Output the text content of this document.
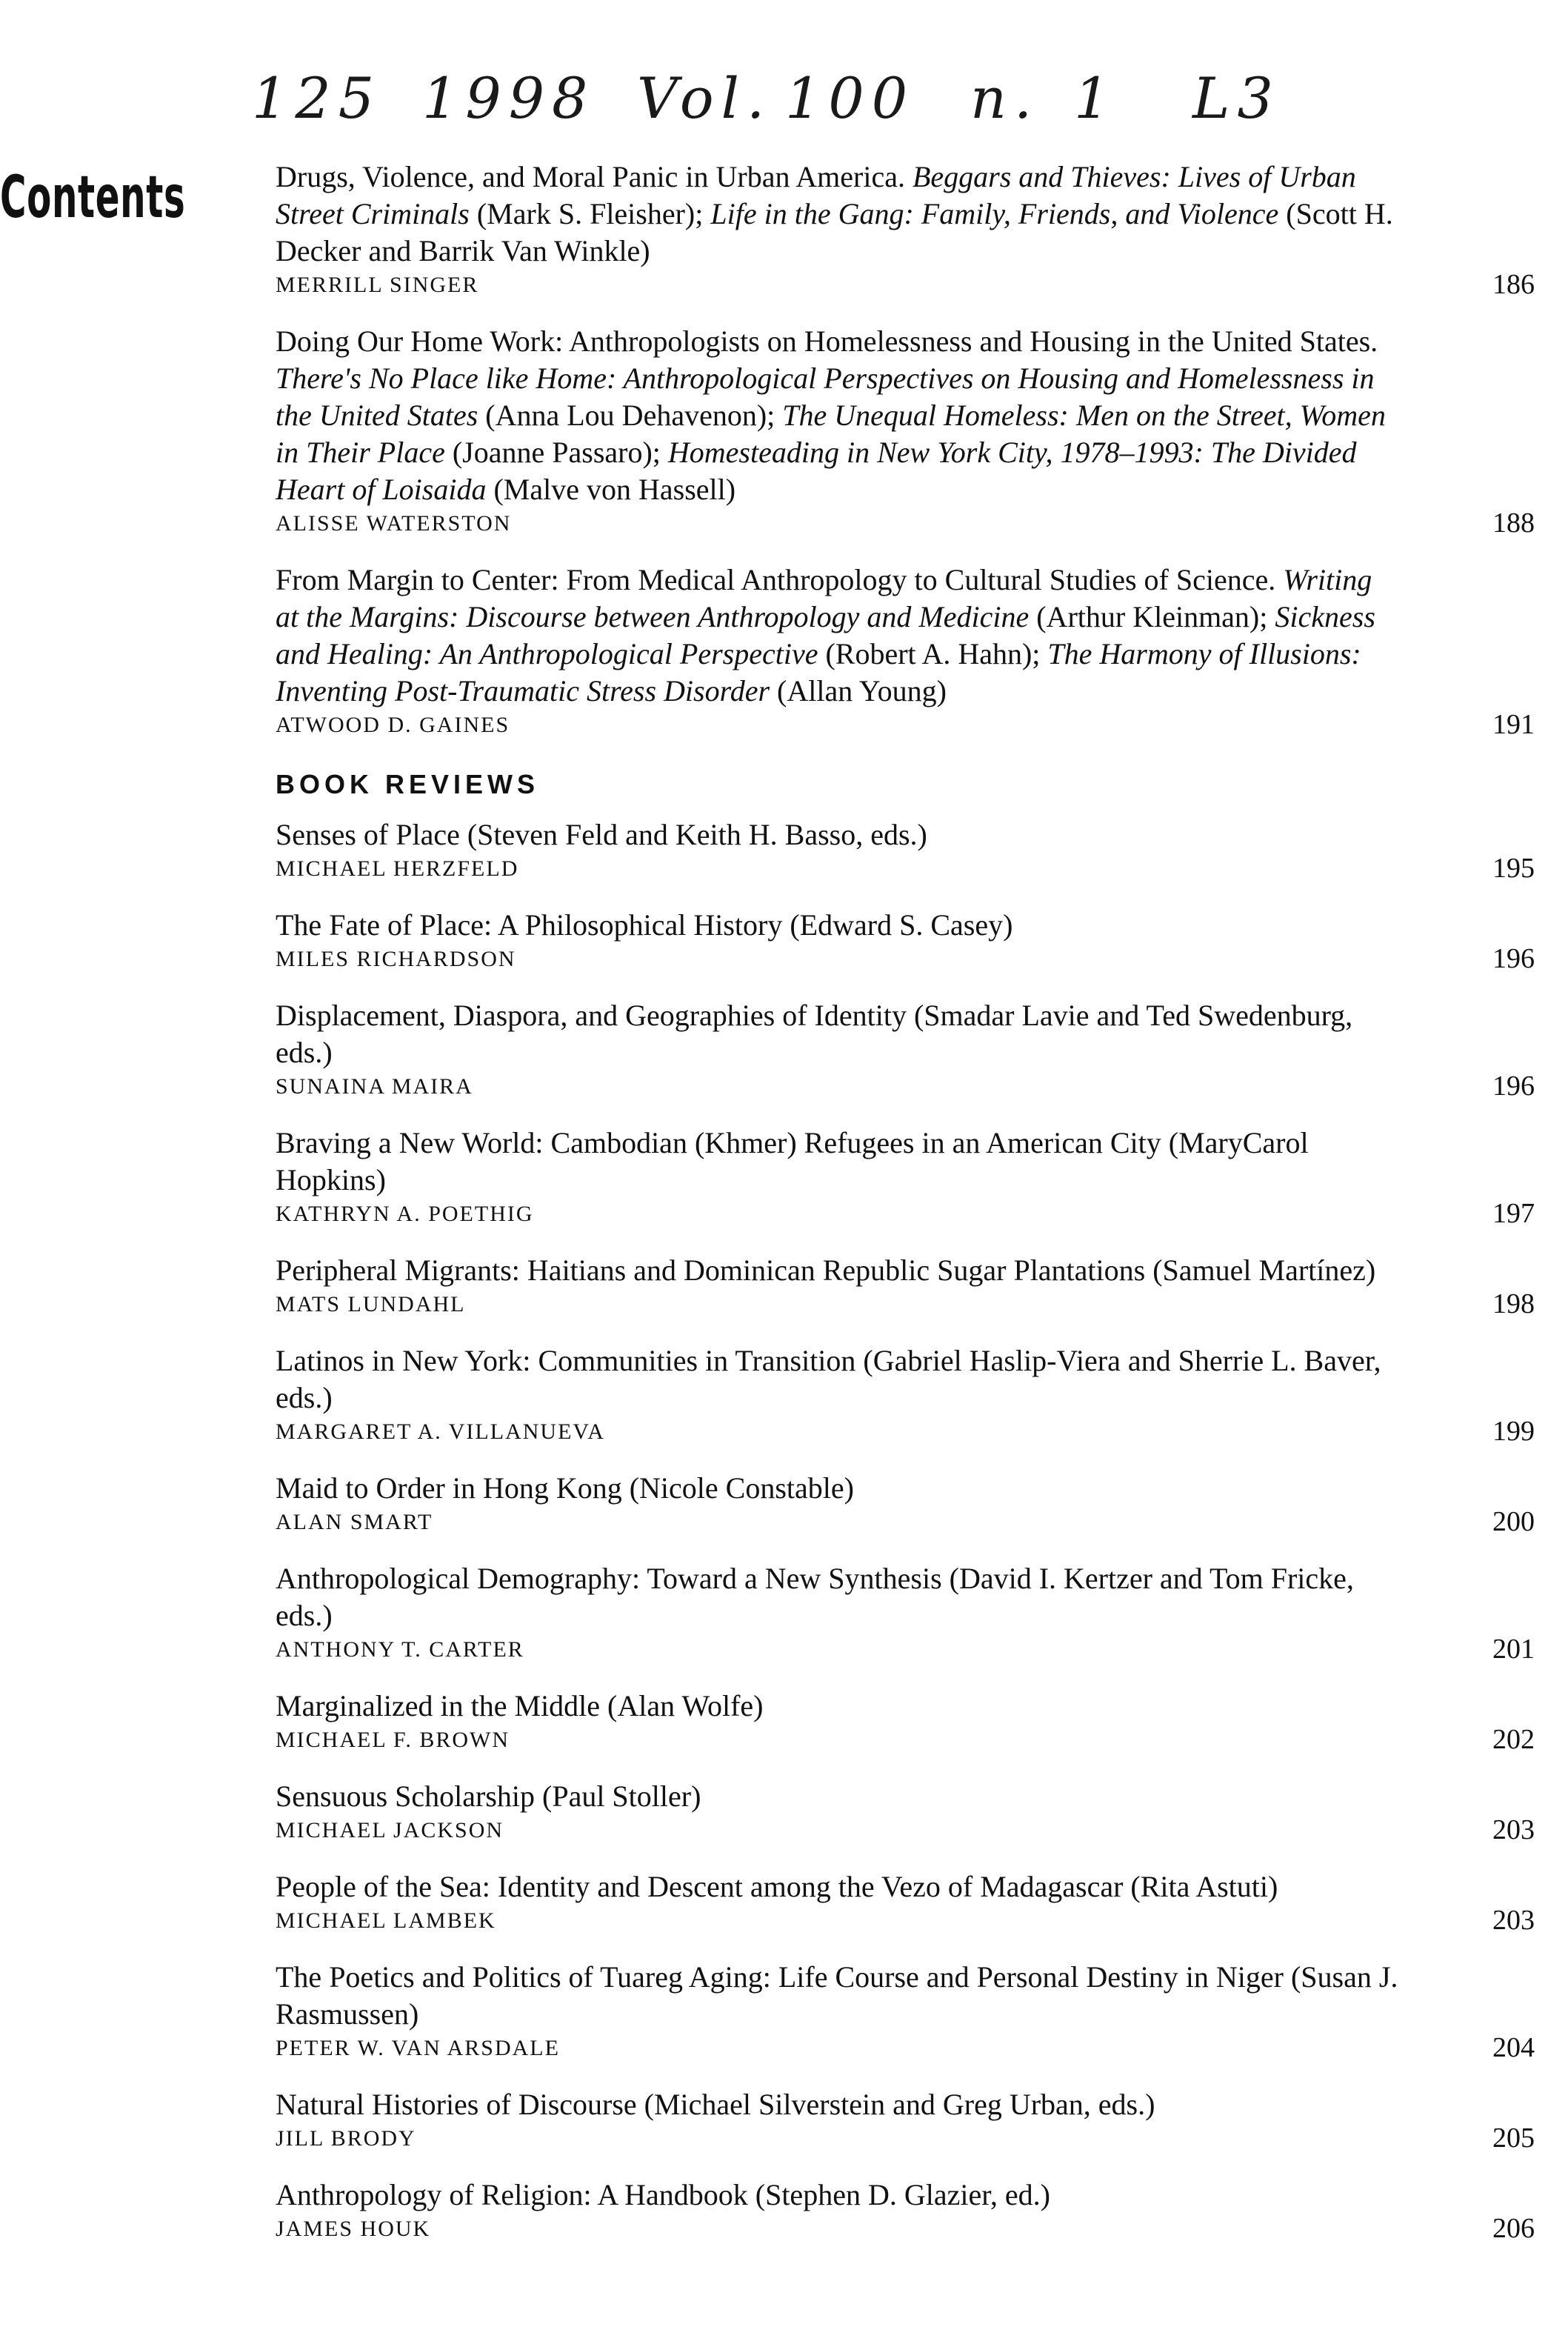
125 1998 Vol. 100 n. 1 L3
Contents	Drugs, Violence, and Moral Panic in Urban America. Beggars and Thieves: Lives of Urban Street Criminals (Mark S. Fleisher); Life in the Gang: Family, Friends, and Violence (Scott H. Decker and Barrik Van Winkle)
MERRILL SINGER	186
Doing Our Home Work: Anthropologists on Homelessness and Housing in the United States. There's No Place like Home: Anthropological Perspectives on Housing and Homelessness in the United States (Anna Lou Dehavenon); The Unequal Homeless: Men on the Street, Women in Their Place (Joanne Passaro); Homesteading in New York City, 1978–1993: The Divided Heart of Loisaida (Malve von Hassell)
ALISSE WATERSTON	188
From Margin to Center: From Medical Anthropology to Cultural Studies of Science. Writing at the Margins: Discourse between Anthropology and Medicine (Arthur Kleinman); Sickness and Healing: An Anthropological Perspective (Robert A. Hahn); The Harmony of Illusions: Inventing Post-Traumatic Stress Disorder (Allan Young)
ATWOOD D. GAINES	191
BOOK REVIEWS
Senses of Place (Steven Feld and Keith H. Basso, eds.)
MICHAEL HERZFELD	195
The Fate of Place: A Philosophical History (Edward S. Casey)
MILES RICHARDSON	196
Displacement, Diaspora, and Geographies of Identity (Smadar Lavie and Ted Swedenburg, eds.)
SUNAINA MAIRA	196
Braving a New World: Cambodian (Khmer) Refugees in an American City (MaryCarol Hopkins)
KATHRYN A. POETHIG	197
Peripheral Migrants: Haitians and Dominican Republic Sugar Plantations (Samuel Martínez)
MATS LUNDAHL	198
Latinos in New York: Communities in Transition (Gabriel Haslip-Viera and Sherrie L. Baver, eds.)
MARGARET A. VILLANUEVA	199
Maid to Order in Hong Kong (Nicole Constable)
ALAN SMART	200
Anthropological Demography: Toward a New Synthesis (David I. Kertzer and Tom Fricke, eds.)
ANTHONY T. CARTER	201
Marginalized in the Middle (Alan Wolfe)
MICHAEL F. BROWN	202
Sensuous Scholarship (Paul Stoller)
MICHAEL JACKSON	203
People of the Sea: Identity and Descent among the Vezo of Madagascar (Rita Astuti)
MICHAEL LAMBEK	203
The Poetics and Politics of Tuareg Aging: Life Course and Personal Destiny in Niger (Susan J. Rasmussen)
PETER W. VAN ARSDALE	204
Natural Histories of Discourse (Michael Silverstein and Greg Urban, eds.)
JILL BRODY	205
Anthropology of Religion: A Handbook (Stephen D. Glazier, ed.)
JAMES HOUK	206
